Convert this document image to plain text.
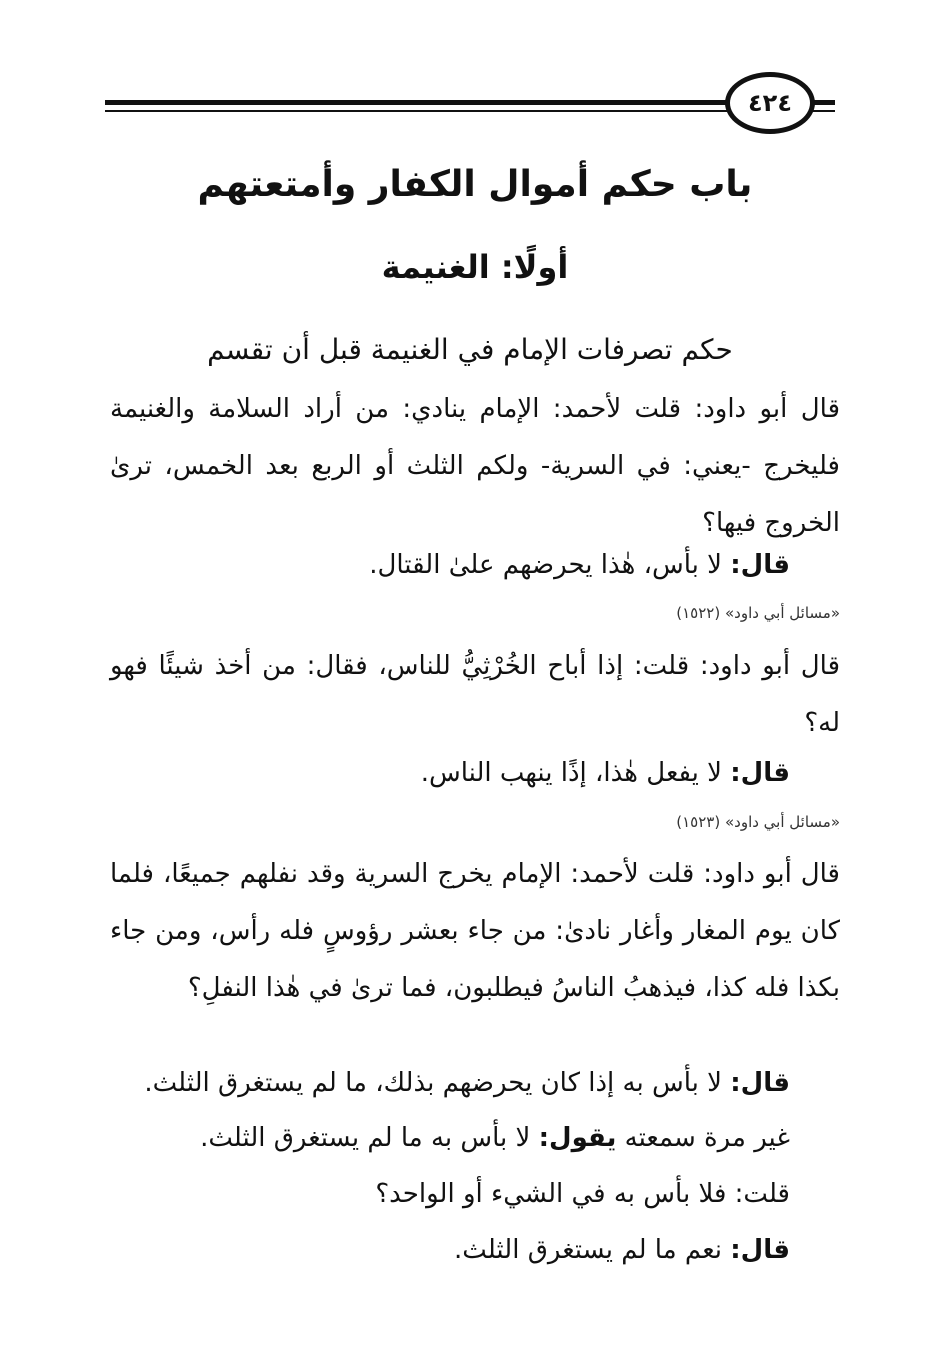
٤٢٤
باب حكم أموال الكفار وأمتعتهم
أولًا: الغنيمة
حكم تصرفات الإمام في الغنيمة قبل أن تقسم
قال أبو داود: قلت لأحمد: الإمام ينادي: من أراد السلامة والغنيمة فليخرج -يعني: في السرية- ولكم الثلث أو الربع بعد الخمس، ترىٰ الخروج فيها؟
قال: لا بأس، هٰذا يحرضهم علىٰ القتال.
«مسائل أبي داود» (١٥٢٢)
قال أبو داود: قلت: إذا أباح الخُرْثِيُّ للناس، فقال: من أخذ شيئًا فهو له؟
قال: لا يفعل هٰذا، إذًا ينهب الناس.
«مسائل أبي داود» (١٥٢٣)
قال أبو داود: قلت لأحمد: الإمام يخرج السرية وقد نفلهم جميعًا، فلما كان يوم المغار وأغار نادىٰ: من جاء بعشر رؤوسٍ فله رأس، ومن جاء بكذا فله كذا، فيذهبُ الناسُ فيطلبون، فما ترىٰ في هٰذا النفلِ؟
قال: لا بأس به إذا كان يحرضهم بذلك، ما لم يستغرق الثلث.
غير مرة سمعته يقول: لا بأس به ما لم يستغرق الثلث.
قلت: فلا بأس به في الشيء أو الواحد؟
قال: نعم ما لم يستغرق الثلث.
